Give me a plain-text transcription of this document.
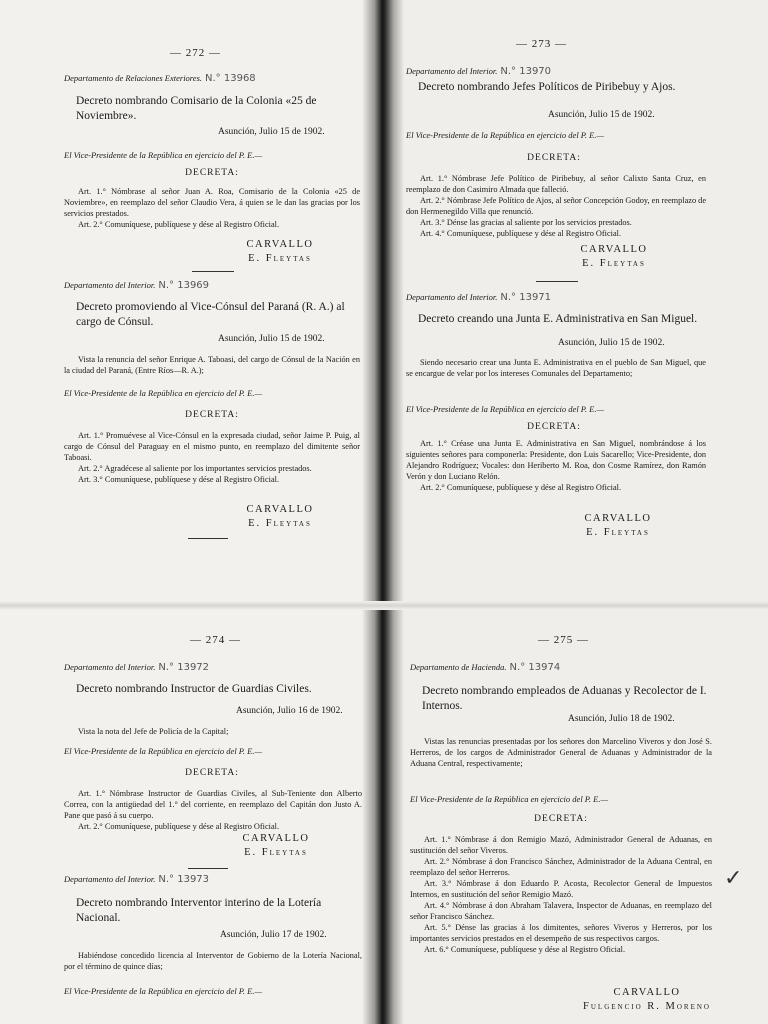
— 272 —
Departamento de Relaciones Exteriores. N.° 13968
Decreto nombrando Comisario de la Colonia «25 de Noviembre».
Asunción, Julio 15 de 1902.
El Vice-Presidente de la República en ejercicio del P. E.—
DECRETA:

Art. 1.° Nómbrase al señor Juan A. Roa, Comisario de la Colonia «25 de Noviembre», en reemplazo del señor Claudio Vera, á quien se le dan las gracias por los servicios prestados.

Art. 2.° Comuníquese, publíquese y dése al Registro Oficial.

CARVALLO
E. Fleytas
Departamento del Interior. N.° 13969
Decreto promoviendo al Vice-Cónsul del Paraná (R. A.) al cargo de Cónsul.
Asunción, Julio 15 de 1902.

Vista la renuncia del señor Enrique A. Taboasi, del cargo de Cónsul de la Nación en la ciudad del Paraná, (Entre Ríos—R. A.);

El Vice-Presidente de la República en ejercicio del P. E.—
DECRETA:

Art. 1.° Promuévese al Vice-Cónsul en la expresada ciudad, señor Jaime P. Puig, al cargo de Cónsul del Paraguay en el mismo punto, en reemplazo del dimitente señor Taboasi.

Art. 2.° Agradécese al saliente por los importantes servicios prestados.

Art. 3.° Comuníquese, publíquese y dése al Registro Oficial.

CARVALLO
E. Fleytas
— 273 —
Departamento del Interior. N.° 13970
Decreto nombrando Jefes Políticos de Piribebuy y Ajos.
Asunción, Julio 15 de 1902.
El Vice-Presidente de la República en ejercicio del P. E.—
DECRETA:

Art. 1.° Nómbrase Jefe Político de Piribebuy, al señor Calixto Santa Cruz, en reemplazo de don Casimiro Almada que falleció.

Art. 2.° Nómbrase Jefe Político de Ajos, al señor Concepción Godoy, en reemplazo de don Hermenegildo Villa que renunció.

Art. 3.° Dénse las gracias al saliente por los servicios prestados.

Art. 4.° Comuníquese, publíquese y dése al Registro Oficial.

CARVALLO
E. Fleytas
Departamento del Interior. N.° 13971
Decreto creando una Junta E. Administrativa en San Miguel.
Asunción, Julio 15 de 1902.

Siendo necesario crear una Junta E. Administrativa en el pueblo de San Miguel, que se encargue de velar por los intereses Comunales del Departamento;

El Vice-Presidente de la República en ejercicio del P. E.—
DECRETA:

Art. 1.° Créase una Junta E. Administrativa en San Miguel, nombrándose á los siguientes señores para componerla: Presidente, don Luis Sacarello; Vice-Presidente, don Alejandro Rodríguez; Vocales: don Heriberto M. Roa, don Cosme Ramírez, don Ramón Verón y don Luciano Relón.

Art. 2.° Comuníquese, publíquese y dése al Registro Oficial.

CARVALLO
E. Fleytas
— 274 —
Departamento del Interior. N.° 13972
Decreto nombrando Instructor de Guardias Civiles.
Asunción, Julio 16 de 1902.

Vista la nota del Jefe de Policía de la Capital;

El Vice-Presidente de la República en ejercicio del P. E.—
DECRETA:

Art. 1.° Nómbrase Instructor de Guardias Civiles, al Sub-Teniente don Alberto Correa, con la antigüedad del 1.° del corriente, en reemplazo del Capitán don Justo A. Pane que pasó á su cuerpo.

Art. 2.° Comuníquese, publíquese y dése al Registro Oficial.

CARVALLO
E. Fleytas
Departamento del Interior. N.° 13973
Decreto nombrando Interventor interino de la Lotería Nacional.
Asunción, Julio 17 de 1902.

Habiéndose concedido licencia al Interventor de Gobierno de la Lotería Nacional, por el término de quince días;

El Vice-Presidente de la República en ejercicio del P. E.—
— 275 —
Departamento de Hacienda. N.° 13974
Decreto nombrando empleados de Aduanas y Recolector de I. Internos.
Asunción, Julio 18 de 1902.

Vistas las renuncias presentadas por los señores don Marcelino Viveros y don José S. Herreros, de los cargos de Administrador General de Aduanas y Administrador de la Aduana Central, respectivamente;

El Vice-Presidente de la República en ejercicio del P. E.—
DECRETA:

Art. 1.° Nómbrase á don Remigio Mazó, Administrador General de Aduanas, en sustitución del señor Viveros.

Art. 2.° Nómbrase á don Francisco Sánchez, Administrador de la Aduana Central, en reemplazo del señor Herreros.

Art. 3.° Nómbrase á don Eduardo P. Acosta, Recolector General de Impuestos Internos, en sustitución del señor Remigio Mazó.

Art. 4.° Nómbrase á don Abraham Talavera, Inspector de Aduanas, en reemplazo del señor Francisco Sánchez.

Art. 5.° Dénse las gracias á los dimitentes, señores Viveros y Herreros, por los importantes servicios prestados en el desempeño de sus respectivos cargos.

Art. 6.° Comuníquese, publíquese y dése al Registro Oficial.

CARVALLO
Fulgencio R. Moreno
✓
